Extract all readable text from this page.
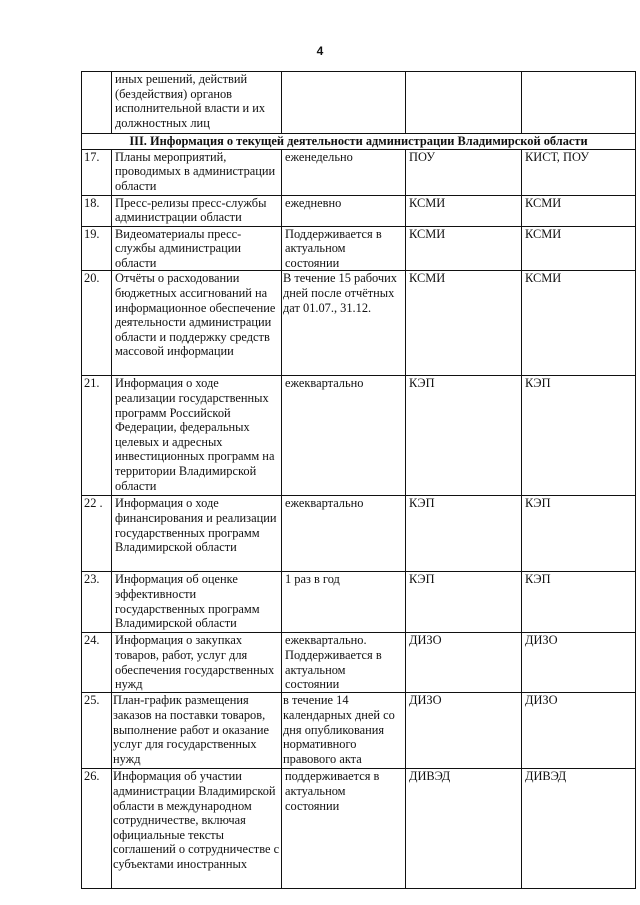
4
	иных решений, действий (бездействия) органов исполнительной власти и их должностных лиц			
III. Информация о текущей деятельности администрации Владимирской области				
17.	Планы мероприятий, проводимых в администрации области	еженедельно	ПОУ	КИСТ, ПОУ
18.	Пресс-релизы пресс-службы администрации области	ежедневно	КСМИ	КСМИ
19.	Видеоматериалы пресс-службы администрации области	Поддерживается в актуальном состоянии	КСМИ	КСМИ
20.	Отчёты о расходовании бюджетных ассигнований на информационное обеспечение деятельности администрации области и поддержку средств массовой информации	В течение 15 рабочих дней после отчётных дат 01.07., 31.12.	КСМИ	КСМИ
21.	Информация о ходе реализации государственных программ Российской Федерации, федеральных целевых и адресных инвестиционных программ на территории Владимирской области	ежеквартально	КЭП	КЭП
22 .	Информация о ходе финансирования и реализации государственных программ Владимирской области	ежеквартально	КЭП	КЭП
23.	Информация об оценке эффективности государственных программ Владимирской области	1 раз в год	КЭП	КЭП
24.	Информация о закупках товаров, работ, услуг для обеспечения государственных нужд	ежеквартально. Поддерживается в актуальном состоянии	ДИЗО	ДИЗО
25.	План-график размещения заказов на поставки товаров, выполнение работ и оказание услуг для государственных нужд	в течение 14 календарных дней со дня опубликования нормативного правового акта	ДИЗО	ДИЗО
26.	Информация об участии администрации Владимирской области в международном сотрудничестве, включая официальные тексты соглашений о сотрудничестве с субъектами иностранных	поддерживается в актуальном состоянии	ДИВЭД	ДИВЭД
